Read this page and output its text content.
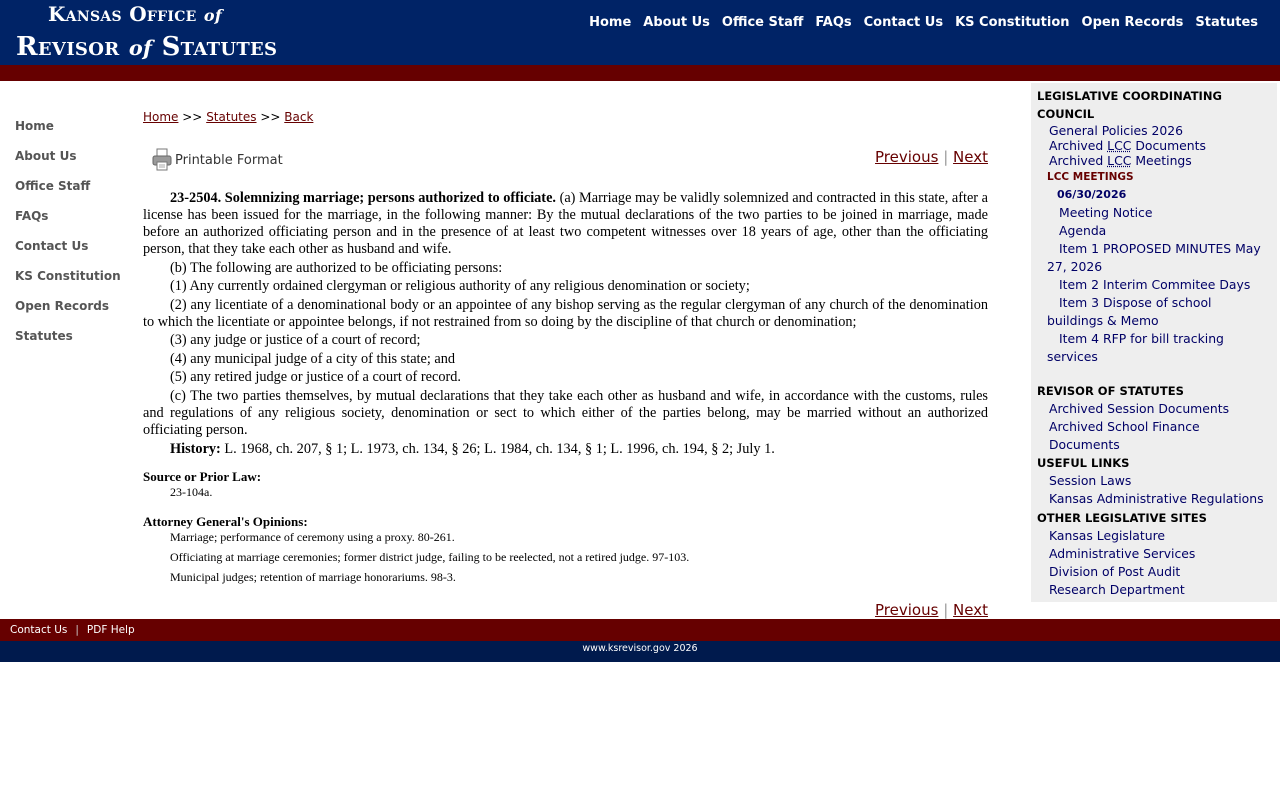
Kansas Office of
Revisor of Statutes
Home About Us Office Staff FAQs Contact Us KS Constitution Open Records Statutes
Home
About Us
Office Staff
FAQs
Contact Us
KS Constitution
Open Records
Statutes
Home >> Statutes >> Back
Printable Format	Previous | Next

23-2504. Solemnizing marriage; persons authorized to officiate. (a) Marriage may be validly solemnized and contracted in this state, after a license has been issued for the marriage, in the following manner: By the mutual declarations of the two parties to be joined in marriage, made before an authorized officiating person and in the presence of at least two competent witnesses over 18 years of age, other than the officiating person, that they take each other as husband and wife.

(b) The following are authorized to be officiating persons:

(1) Any currently ordained clergyman or religious authority of any religious denomination or society;

(2) any licentiate of a denominational body or an appointee of any bishop serving as the regular clergyman of any church of the denomination to which the licentiate or appointee belongs, if not restrained from so doing by the discipline of that church or denomination;

(3) any judge or justice of a court of record;

(4) any municipal judge of a city of this state; and

(5) any retired judge or justice of a court of record.

(c) The two parties themselves, by mutual declarations that they take each other as husband and wife, in accordance with the customs, rules and regulations of any religious society, denomination or sect to which either of the parties belong, may be married without an authorized officiating person.

History: L. 1968, ch. 207, § 1; L. 1973, ch. 134, § 26; L. 1984, ch. 134, § 1; L. 1996, ch. 194, § 2; July 1.

Source or Prior Law:

23-104a.

Attorney General's Opinions:

Marriage; performance of ceremony using a proxy. 80-261.

Officiating at marriage ceremonies; former district judge, failing to be reelected, not a retired judge. 97-103.

Municipal judges; retention of marriage honorariums. 98-3.

Previous | Next
LEGISLATIVE COORDINATING COUNCIL
General Policies 2026
Archived LCC Documents
Archived LCC Meetings
LCC MEETINGS
06/30/2026
Meeting Notice
Agenda
Item 1 PROPOSED MINUTES May 27, 2026
Item 2 Interim Commitee Days
Item 3 Dispose of school buildings & Memo
Item 4 RFP for bill tracking services
REVISOR OF STATUTES
Archived Session Documents
Archived School Finance Documents
USEFUL LINKS
Session Laws
Kansas Administrative Regulations
OTHER LEGISLATIVE SITES
Kansas Legislature
Administrative Services
Division of Post Audit
Research Department
Contact Us | PDF Help
www.ksrevisor.gov 2026
